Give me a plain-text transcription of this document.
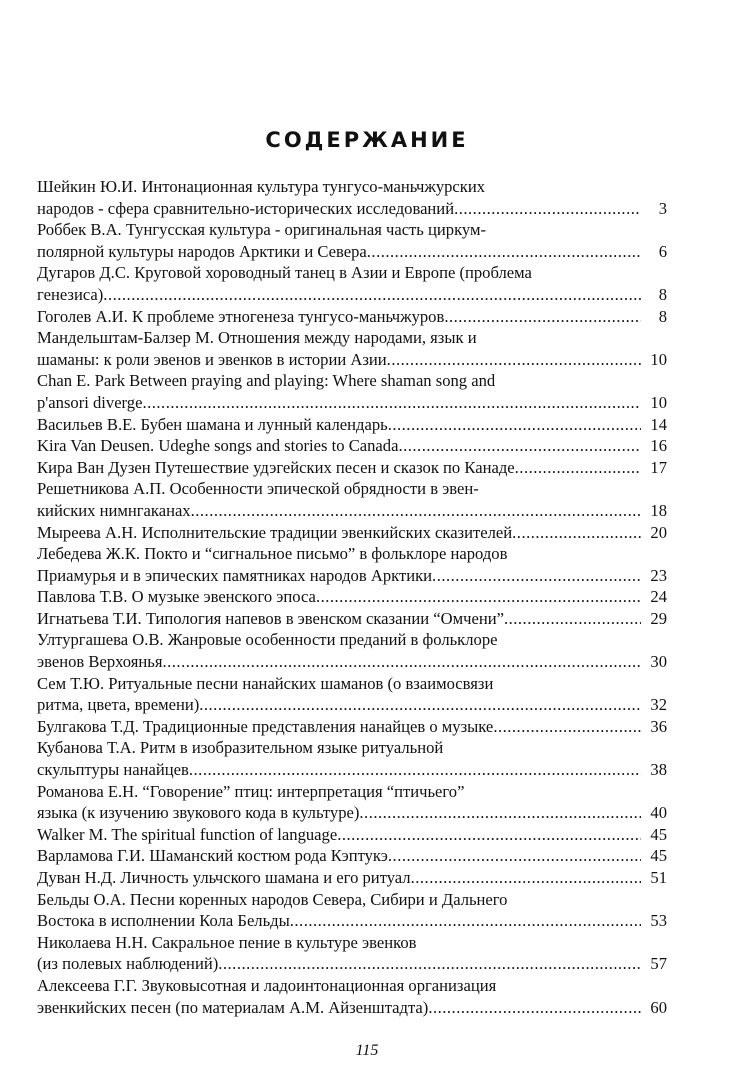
СОДЕРЖАНИЕ
Шейкин Ю.И. Интонационная культура тунгусо-маньчжурских
народов - сфера сравнительно-исторических исследований .....	3
Роббек В.А. Тунгусская культура - оригинальная часть циркум-
полярной культуры народов Арктики и Севера .....	6
Дугаров Д.С. Круговой хороводный танец в Азии и Европе (проблема
генезиса) .....	8
Гоголев А.И. К проблеме этногенеза тунгусо-маньчжуров .....	8
Мандельштам-Балзер М. Отношения между народами, язык и
шаманы: к роли эвенов и эвенков в истории Азии .....	10
Chan E. Park Between praying and playing: Where shaman song and
p'ansori diverge .....	10
Васильев В.Е. Бубен шамана и лунный календарь .....	14
Kira Van Deusen. Udeghe songs and stories to Canada .....	16
Кира Ван Дузен Путешествие удэгейских песен и сказок по Канаде .....	17
Решетникова А.П. Особенности эпической обрядности в эвен-
кийских нимнгаканах .....	18
Мыреева А.Н. Исполнительские традиции эвенкийских сказителей .....	20
Лебедева Ж.К. Покто и “сигнальное письмо” в фольклоре народов
Приамурья и в эпических памятниках народов Арктики .....	23
Павлова Т.В. О музыке эвенского эпоса .....	24
Игнатьева Т.И. Типология напевов в эвенском сказании “Омчени” .....	29
Ултургашева О.В. Жанровые особенности преданий в фольклоре
эвенов Верхоянья .....	30
Сем Т.Ю. Ритуальные песни нанайских шаманов (о взаимосвязи
ритма, цвета, времени) .....	32
Булгакова Т.Д. Традиционные представления нанайцев о музыке .....	36
Кубанова Т.А. Ритм в изобразительном языке ритуальной
скульптуры нанайцев .....	38
Романова Е.Н. “Говорение” птиц: интерпретация “птичьего”
языка (к изучению звукового кода в культуре) .....	40
Walker M. The spiritual function of language .....	45
Варламова Г.И. Шаманский костюм рода Кэптукэ .....	45
Дуван Н.Д. Личность ульчского шамана и его ритуал .....	51
Бельды О.А. Песни коренных народов Севера, Сибири и Дальнего
Востока в исполнении Кола Бельды .....	53
Николаева Н.Н. Сакральное пение в культуре эвенков
(из полевых наблюдений) .....	57
Алексеева Г.Г. Звуковысотная и ладоинтонационная организация
эвенкийских песен (по материалам А.М. Айзенштадта) .....	60
115
